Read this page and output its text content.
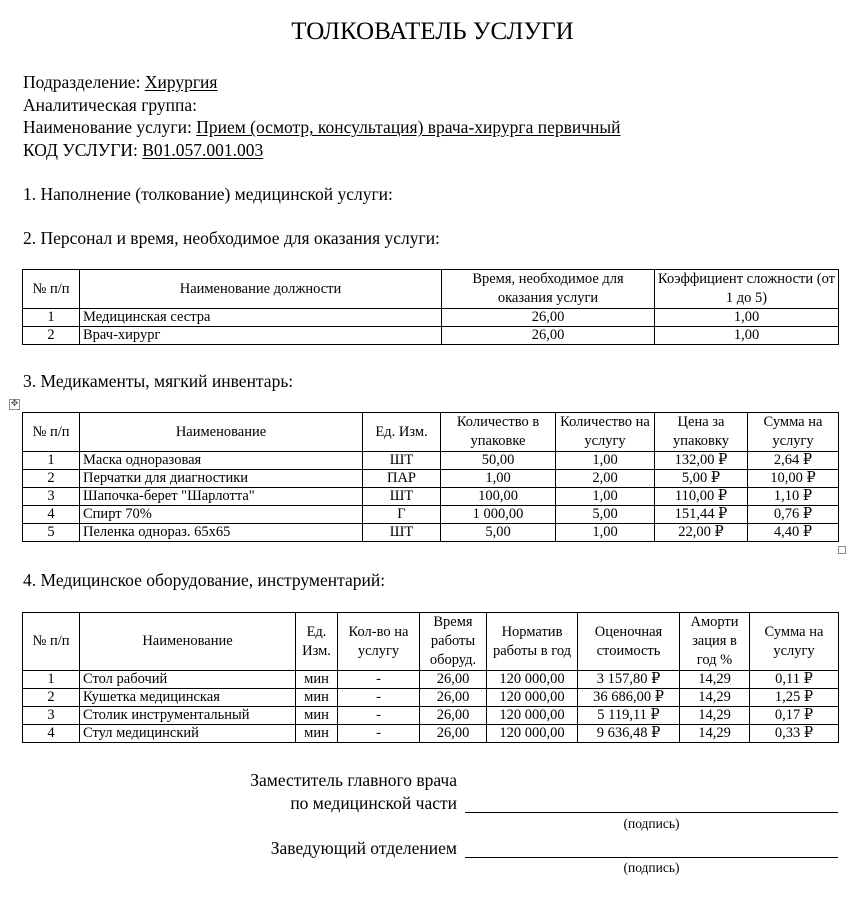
ТОЛКОВАТЕЛЬ УСЛУГИ
Подразделение: Хирургия
Аналитическая группа:
Наименование услуги: Прием (осмотр, консультация) врача-хирурга первичный
КОД УСЛУГИ: B01.057.001.003
1. Наполнение (толкование) медицинской услуги:
2. Персонал и время, необходимое для оказания услуги:
№ п/п	Наименование должности	Время, необходимое для оказания услуги	Коэффициент сложности (от 1 до 5)
1	Медицинская сестра	26,00	1,00
2	Врач-хирург	26,00	1,00
3. Медикаменты, мягкий инвентарь:
✥
№ п/п	Наименование	Ед. Изм.	Количество в упаковке	Количество на услугу	Цена за упаковку	Сумма на услугу
1	Маска одноразовая	ШТ	50,00	1,00	132,00 ₽	2,64 ₽
2	Перчатки для диагностики	ПАР	1,00	2,00	5,00 ₽	10,00 ₽
3	Шапочка-берет "Шарлотта"	ШТ	100,00	1,00	110,00 ₽	1,10 ₽
4	Спирт 70%	Г	1 000,00	5,00	151,44 ₽	0,76 ₽
5	Пеленка однораз. 65х65	ШТ	5,00	1,00	22,00 ₽	4,40 ₽
4. Медицинское оборудование, инструментарий:
№ п/п	Наименование	Ед. Изм.	Кол-во на услугу	Время работы оборуд.	Норматив работы в год	Оценочная стоимость	Аморти зация в год %	Сумма на услугу
1	Стол рабочий	мин	-	26,00	120 000,00	3 157,80 ₽	14,29	0,11 ₽
2	Кушетка медицинская	мин	-	26,00	120 000,00	36 686,00 ₽	14,29	1,25 ₽
3	Столик инструментальный	мин	-	26,00	120 000,00	5 119,11 ₽	14,29	0,17 ₽
4	Стул медицинский	мин	-	26,00	120 000,00	9 636,48 ₽	14,29	0,33 ₽
Заместитель главного врача
по медицинской части
(подпись)
Заведующий отделением
(подпись)
